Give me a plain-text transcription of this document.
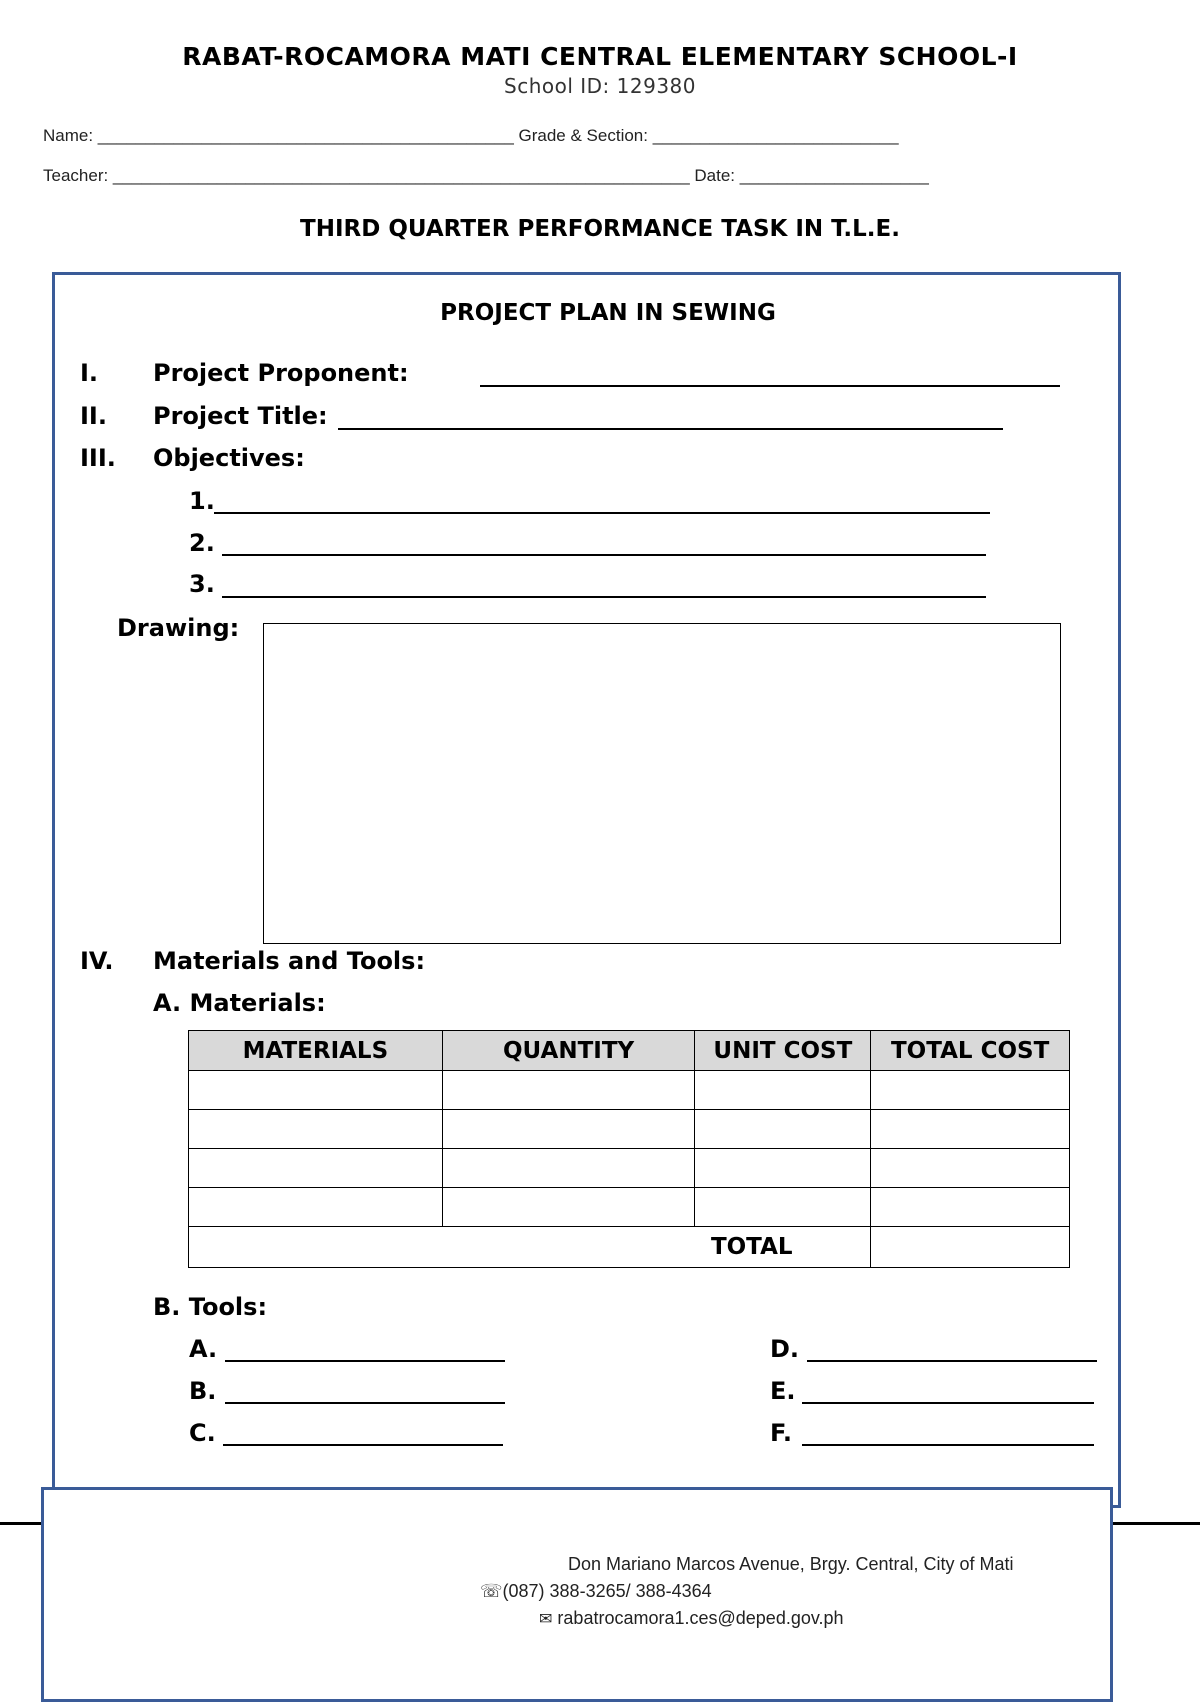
RABAT-ROCAMORA MATI CENTRAL ELEMENTARY SCHOOL-I
School ID: 129380
Name: ____________________________________________ Grade & Section: __________________________
Teacher: _____________________________________________________________ Date: ____________________
THIRD QUARTER PERFORMANCE TASK IN T.L.E.
PROJECT PLAN IN SEWING
I. Project Proponent:
II. Project Title:
III. Objectives:
1.
2.
3.
Drawing:
IV. Materials and Tools:
A. Materials:
MATERIALS	QUANTITY	UNIT COST	TOTAL COST

		TOTAL	
B. Tools:
A.
B.
C.
D.
E.
F.
Don Mariano Marcos Avenue, Brgy. Central, City of Mati
☏(087) 388-3265/ 388-4364
✉ rabatrocamora1.ces@deped.gov.ph
